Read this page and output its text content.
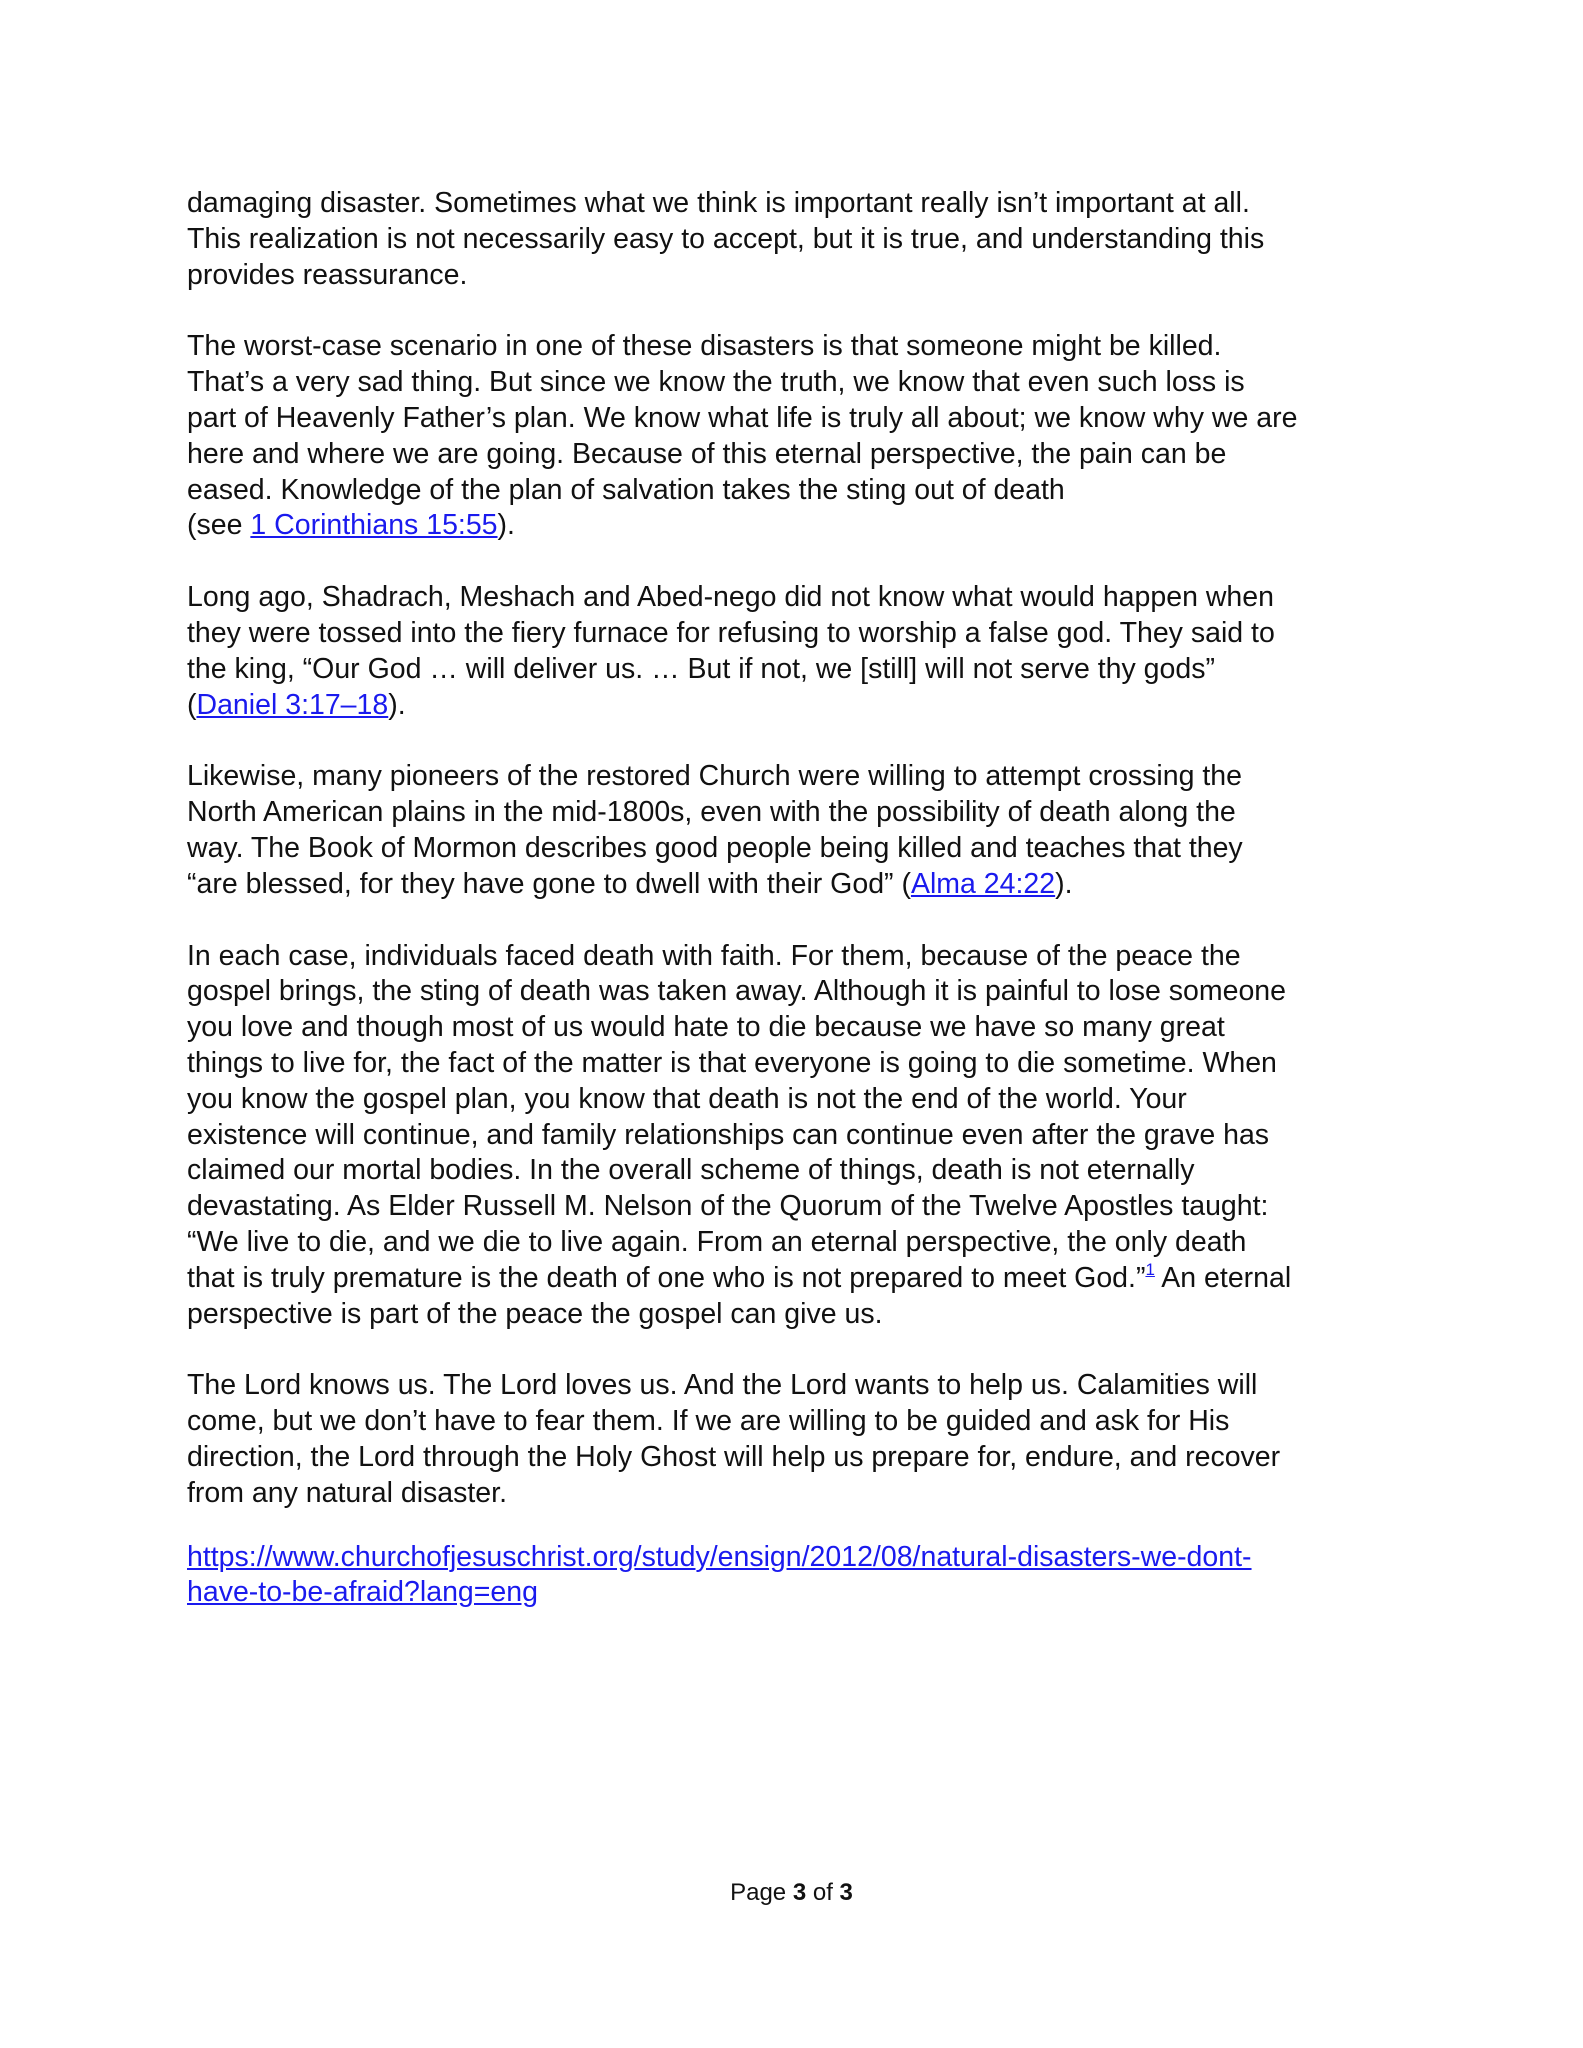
damaging disaster. Sometimes what we think is important really isn’t important at all.
This realization is not necessarily easy to accept, but it is true, and understanding this
provides reassurance.

The worst-case scenario in one of these disasters is that someone might be killed.
That’s a very sad thing. But since we know the truth, we know that even such loss is
part of Heavenly Father’s plan. We know what life is truly all about; we know why we are
here and where we are going. Because of this eternal perspective, the pain can be
eased. Knowledge of the plan of salvation takes the sting out of death
(see 1 Corinthians 15:55).

Long ago, Shadrach, Meshach and Abed-nego did not know what would happen when
they were tossed into the fiery furnace for refusing to worship a false god. They said to
the king, “Our God … will deliver us. … But if not, we [still] will not serve thy gods”
(Daniel 3:17–18).

Likewise, many pioneers of the restored Church were willing to attempt crossing the
North American plains in the mid-1800s, even with the possibility of death along the
way. The Book of Mormon describes good people being killed and teaches that they
“are blessed, for they have gone to dwell with their God” (Alma 24:22).

In each case, individuals faced death with faith. For them, because of the peace the
gospel brings, the sting of death was taken away. Although it is painful to lose someone
you love and though most of us would hate to die because we have so many great
things to live for, the fact of the matter is that everyone is going to die sometime. When
you know the gospel plan, you know that death is not the end of the world. Your
existence will continue, and family relationships can continue even after the grave has
claimed our mortal bodies. In the overall scheme of things, death is not eternally
devastating. As Elder Russell M. Nelson of the Quorum of the Twelve Apostles taught:
“We live to die, and we die to live again. From an eternal perspective, the only death
that is truly premature is the death of one who is not prepared to meet God.”$^1$ An eternal
perspective is part of the peace the gospel can give us.

The Lord knows us. The Lord loves us. And the Lord wants to help us. Calamities will
come, but we don’t have to fear them. If we are willing to be guided and ask for His
direction, the Lord through the Holy Ghost will help us prepare for, endure, and recover
from any natural disaster.

https://www.churchofjesuschrist.org/study/ensign/2012/08/natural-disasters-we-dont-
have-to-be-afraid?lang=eng

Page 3 of 3
